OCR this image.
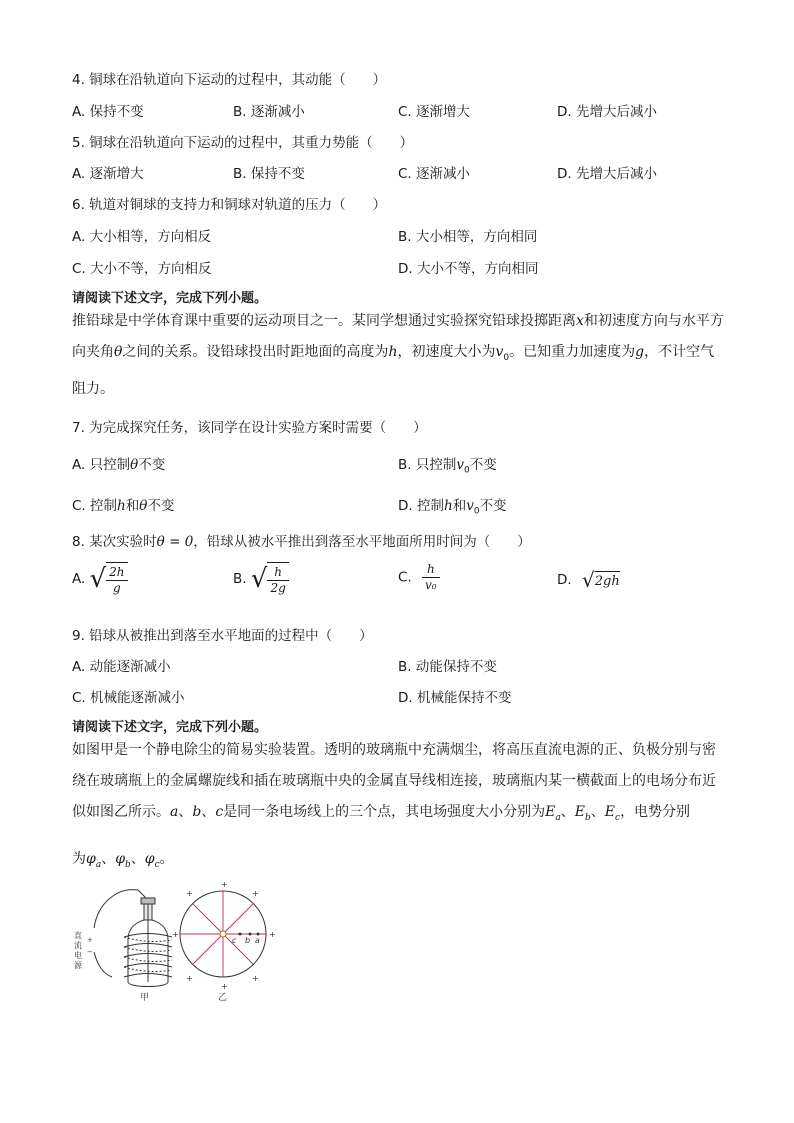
4. 铜球在沿轨道向下运动的过程中，其动能（　　）
A. 保持不变	B. 逐渐减小	C. 逐渐增大	D. 先增大后减小
5. 铜球在沿轨道向下运动的过程中，其重力势能（　　）
A. 逐渐增大	B. 保持不变	C. 逐渐减小	D. 先增大后减小
6. 轨道对铜球的支持力和铜球对轨道的压力（　　）
A. 大小相等，方向相反	B. 大小相等，方向相同
C. 大小不等，方向相反	D. 大小不等，方向相同
请阅读下述文字，完成下列小题。
推铅球是中学体育课中重要的运动项目之一。某同学想通过实验探究铅球投掷距离x和初速度方向与水平方向夹角θ之间的关系。设铅球投出时距地面的高度为h，初速度大小为$v_0$。已知重力加速度为g，不计空气阻力。
7. 为完成探究任务，该同学在设计实验方案时需要（　　）
A. 只控制θ不变	B. 只控制$v_0$不变
C. 控制h和θ不变	D. 控制h和$v_0$不变
8. 某次实验时θ = 0，铅球从被水平推出到落至水平地面所用时间为（　　）
A. √ $\frac{2h}{g}$	B. √ $\frac{h}{2g}$	C. $\frac{h}{\text{v₀}}$	D. √2gh
9. 铅球从被推出到落至水平地面的过程中（　　）
A. 动能逐渐减小	B. 动能保持不变
C. 机械能逐渐减小	D. 机械能保持不变
请阅读下述文字，完成下列小题。
如图甲是一个静电除尘的简易实验装置。透明的玻璃瓶中充满烟尘，将高压直流电源的正、负极分别与密
绕在玻璃瓶上的金属螺旋线和插在玻璃瓶中央的金属直导线相连接，玻璃瓶内某一横截面上的电场分布近
似如图乙所示。a、b、c是同一条电场线上的三个点，其电场强度大小分别为$E_a$、$E_b$、$E_c$，电势分别
为$\varphi_a$、$\varphi_b$、$\varphi_c$。
直
流
电
源
+
−
甲
c b a
+
+
+
+
+
+
+
+
乙
